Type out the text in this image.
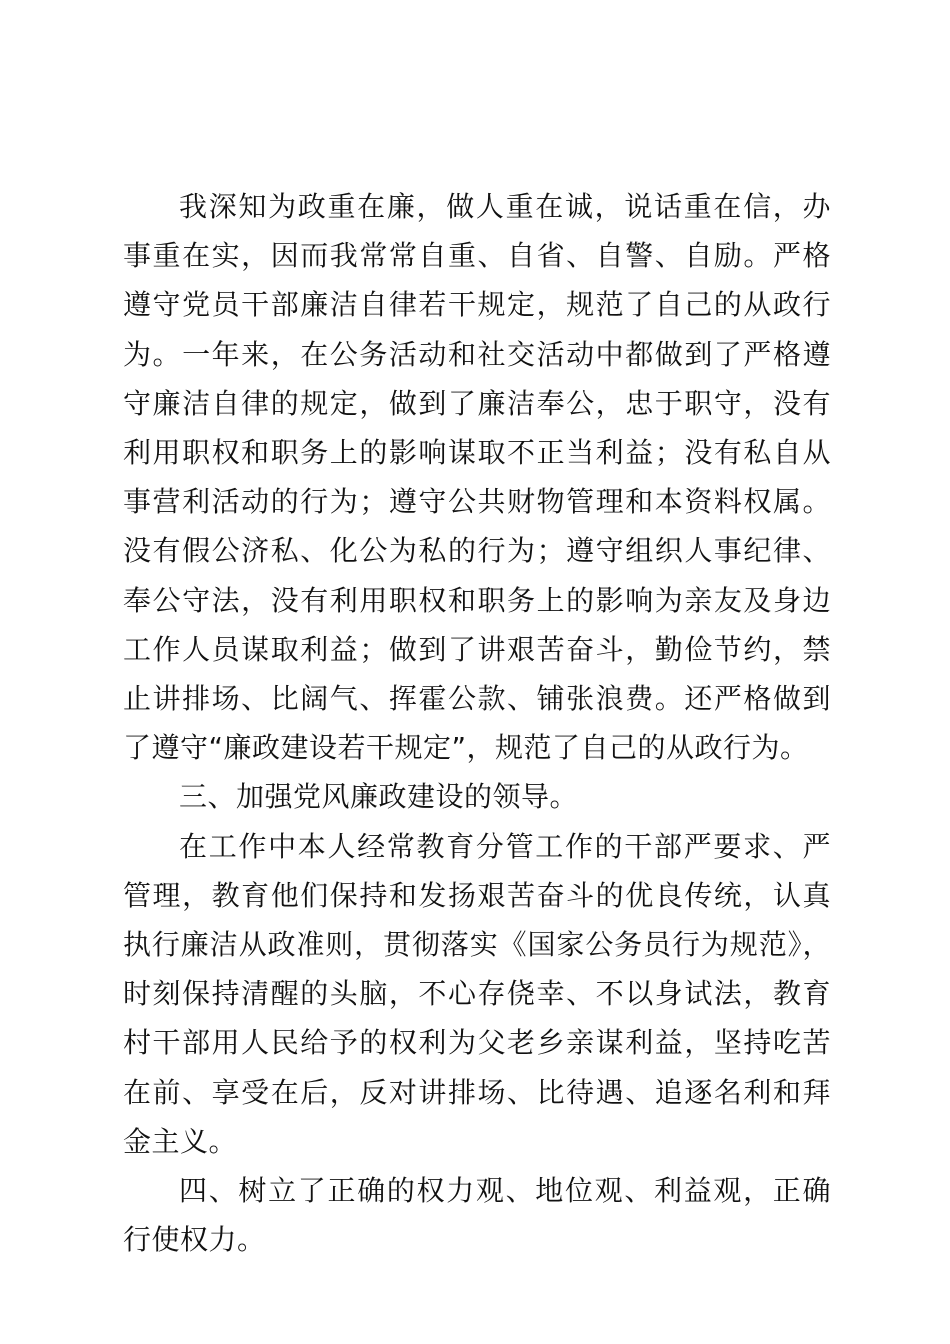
我深知为政重在廉，做人重在诚，说话重在信，办事重在实，因而我常常自重、自省、自警、自励。严格遵守党员干部廉洁自律若干规定，规范了自己的从政行为。一年来，在公务活动和社交活动中都做到了严格遵守廉洁自律的规定，做到了廉洁奉公，忠于职守，没有利用职权和职务上的影响谋取不正当利益；没有私自从事营利活动的行为；遵守公共财物管理和本资料权属。没有假公济私、化公为私的行为；遵守组织人事纪律、奉公守法，没有利用职权和职务上的影响为亲友及身边工作人员谋取利益；做到了讲艰苦奋斗，勤俭节约，禁止讲排场、比阔气、挥霍公款、铺张浪费。还严格做到了遵守“廉政建设若干规定”，规范了自己的从政行为。

三、加强党风廉政建设的领导。

在工作中本人经常教育分管工作的干部严要求、严管理，教育他们保持和发扬艰苦奋斗的优良传统，认真执行廉洁从政准则，贯彻落实《国家公务员行为规范》，时刻保持清醒的头脑，不心存侥幸、不以身试法，教育村干部用人民给予的权利为父老乡亲谋利益，坚持吃苦在前、享受在后，反对讲排场、比待遇、追逐名利和拜金主义。

四、树立了正确的权力观、地位观、利益观，正确行使权力。
